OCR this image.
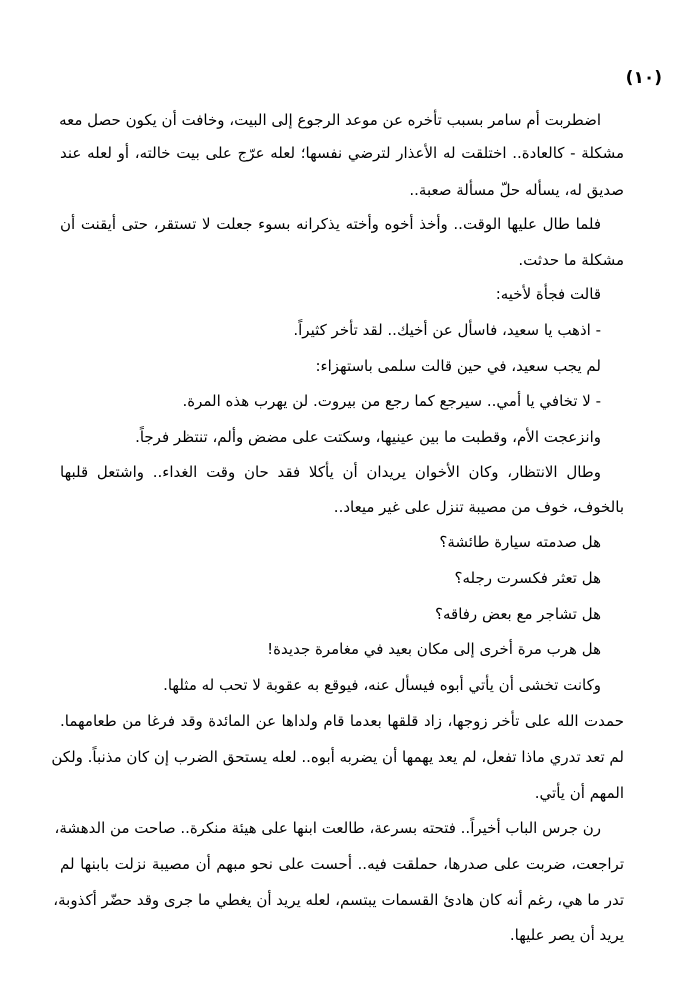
(١٠)

اضطربت أم سامر بسبب تأخره عن موعد الرجوع إلى البيت، وخافت أن يكون حصل معه

مشكلة - كالعادة.. اختلقت له الأعذار لترضي نفسها؛ لعله عرّج على بيت خالته، أو لعله عند

صديق له، يسأله حلّ مسألة صعبة..

فلما طال عليها الوقت.. وأخذ أخوه وأخته يذكرانه بسوء جعلت لا تستقر، حتى أيقنت أن

مشكلة ما حدثت.

قالت فجأة لأخيه:

- اذهب يا سعيد، فاسأل عن أخيك.. لقد تأخر كثيراً.

لم يجب سعيد، في حين قالت سلمى باستهزاء:

- لا تخافي يا أمي.. سيرجع كما رجع من بيروت. لن يهرب هذه المرة.

وانزعجت الأم، وقطبت ما بين عينيها، وسكتت على مضض وألم، تنتظر فرجاً.

وطال الانتظار، وكان الأخوان يريدان أن يأكلا فقد حان وقت الغداء.. واشتعل قلبها

بالخوف، خوف من مصيبة تنزل على غير ميعاد..

هل صدمته سيارة طائشة؟

هل تعثر فكسرت رجله؟

هل تشاجر مع بعض رفاقه؟

هل هرب مرة أخرى إلى مكان بعيد في مغامرة جديدة!

وكانت تخشى أن يأتي أبوه فيسأل عنه، فيوقع به عقوبة لا تحب له مثلها.

حمدت الله على تأخر زوجها، زاد قلقها بعدما قام ولداها عن المائدة وقد فرغا من طعامهما.

لم تعد تدري ماذا تفعل، لم يعد يهمها أن يضربه أبوه.. لعله يستحق الضرب إن كان مذنباً. ولكن

المهم أن يأتي.

رن جرس الباب أخيراً.. فتحته بسرعة، طالعت ابنها على هيئة منكرة.. صاحت من الدهشة،

تراجعت، ضربت على صدرها، حملقت فيه.. أحست على نحو مبهم أن مصيبة نزلت بابنها لم

تدر ما هي، رغم أنه كان هادئ القسمات يبتسم، لعله يريد أن يغطي ما جرى وقد حضّر أكذوبة،

يريد أن يصر عليها.
